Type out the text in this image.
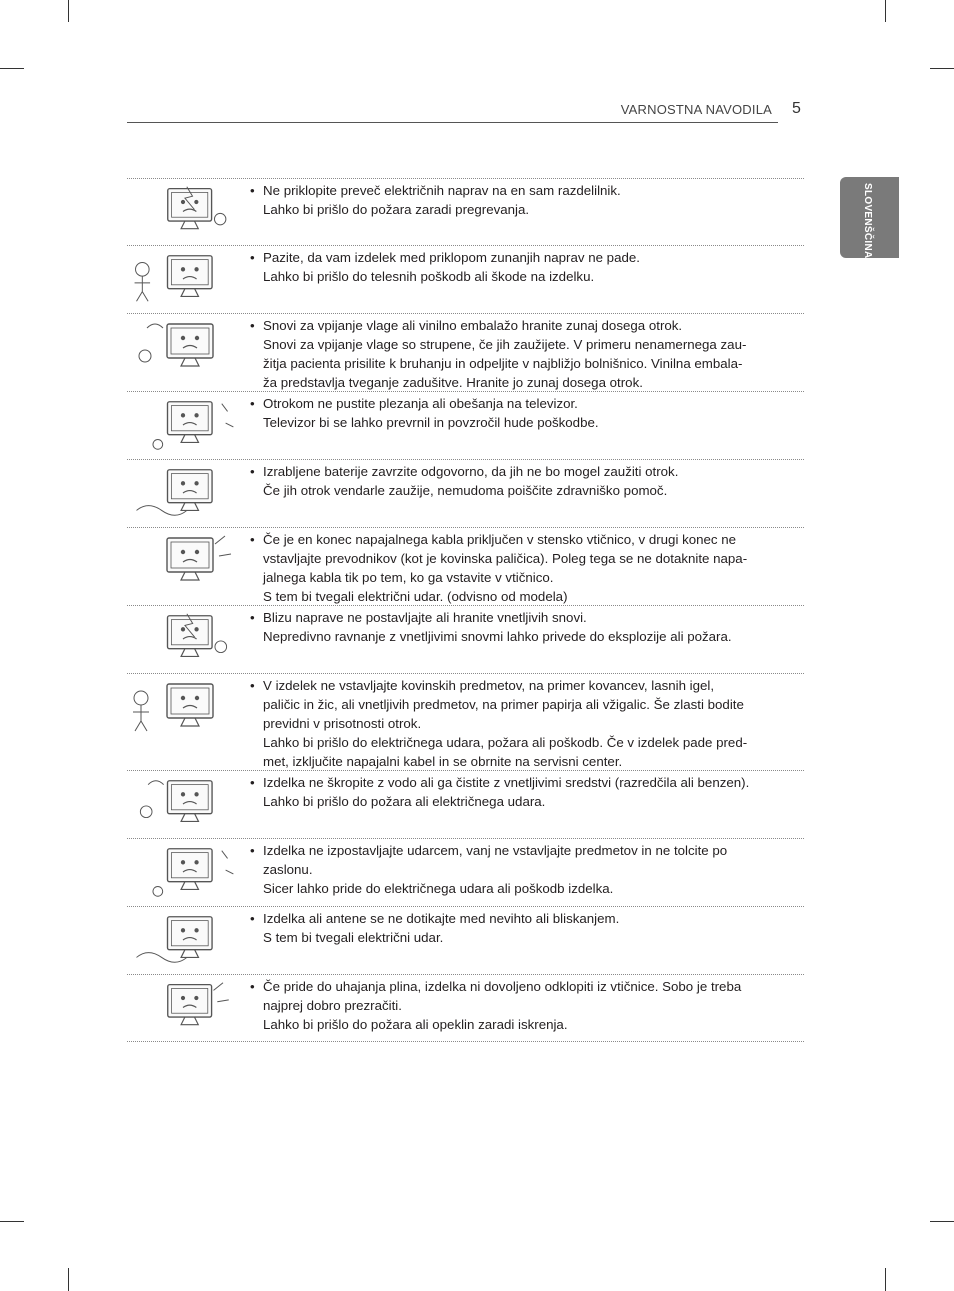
VARNOSTNA NAVODILA 5
SLOVENŠČINA
• Ne priklopite preveč električnih naprav na en sam razdelilnik.

Lahko bi prišlo do požara zaradi pregrevanja.

• Pazite, da vam izdelek med priklopom zunanjih naprav ne pade.

Lahko bi prišlo do telesnih poškodb ali škode na izdelku.

• Snovi za vpijanje vlage ali vinilno embalažo hranite zunaj dosega otrok.

Snovi za vpijanje vlage so strupene, če jih zaužijete. V primeru nenamernega zau-

žitja pacienta prisilite k bruhanju in odpeljite v najbližjo bolnišnico. Vinilna embala-

ža predstavlja tveganje zadušitve. Hranite jo zunaj dosega otrok.

• Otrokom ne pustite plezanja ali obešanja na televizor.

Televizor bi se lahko prevrnil in povzročil hude poškodbe.

• Izrabljene baterije zavrzite odgovorno, da jih ne bo mogel zaužiti otrok.

Če jih otrok vendarle zaužije, nemudoma poiščite zdravniško pomoč.

• Če je en konec napajalnega kabla priključen v stensko vtičnico, v drugi konec ne

vstavljajte prevodnikov (kot je kovinska paličica). Poleg tega se ne dotaknite napa-

jalnega kabla tik po tem, ko ga vstavite v vtičnico.

S tem bi tvegali električni udar. (odvisno od modela)

• Blizu naprave ne postavljajte ali hranite vnetljivih snovi.

Nepredivno ravnanje z vnetljivimi snovmi lahko privede do eksplozije ali požara.

• V izdelek ne vstavljajte kovinskih predmetov, na primer kovancev, lasnih igel,

paličic in žic, ali vnetljivih predmetov, na primer papirja ali vžigalic. Še zlasti bodite

previdni v prisotnosti otrok.

Lahko bi prišlo do električnega udara, požara ali poškodb. Če v izdelek pade pred-

met, izključite napajalni kabel in se obrnite na servisni center.

• Izdelka ne škropite z vodo ali ga čistite z vnetljivimi sredstvi (razredčila ali benzen).

Lahko bi prišlo do požara ali električnega udara.

• Izdelka ne izpostavljajte udarcem, vanj ne vstavljajte predmetov in ne tolcite po

zaslonu.

Sicer lahko pride do električnega udara ali poškodb izdelka.

• Izdelka ali antene se ne dotikajte med nevihto ali bliskanjem.

S tem bi tvegali električni udar.

• Če pride do uhajanja plina, izdelka ni dovoljeno odklopiti iz vtičnice. Sobo je treba

najprej dobro prezračiti.

Lahko bi prišlo do požara ali opeklin zaradi iskrenja.
